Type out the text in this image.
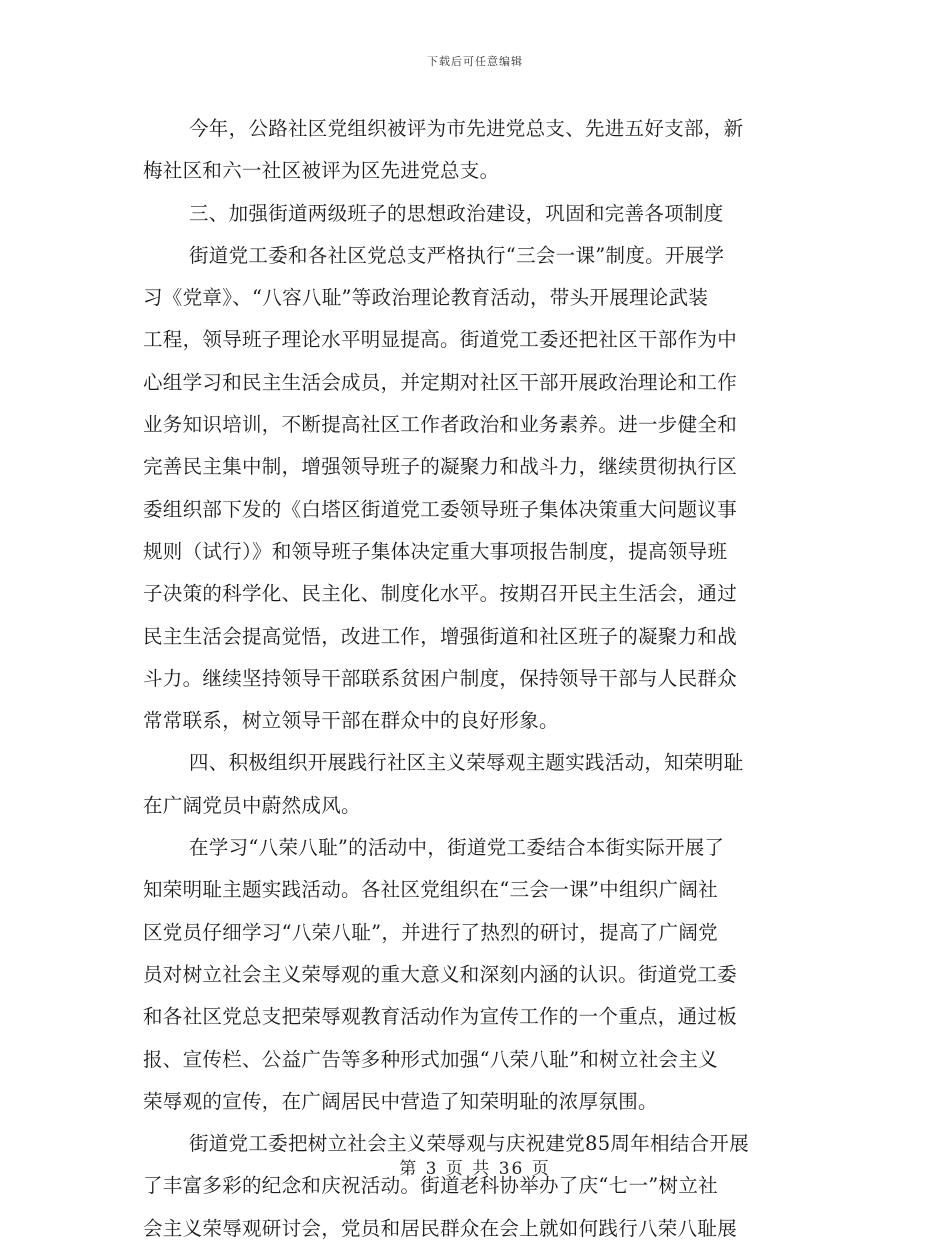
下载后可任意编辑
今年，公路社区党组织被评为市先进党总支、先进五好支部，新
梅社区和六一社区被评为区先进党总支。
三、加强街道两级班子的思想政治建设，巩固和完善各项制度
街道党工委和各社区党总支严格执行“三会一课”制度。开展学
习《党章》、“八容八耻”等政治理论教育活动，带头开展理论武装
工程，领导班子理论水平明显提高。街道党工委还把社区干部作为中
心组学习和民主生活会成员，并定期对社区干部开展政治理论和工作
业务知识培训，不断提高社区工作者政治和业务素养。进一步健全和
完善民主集中制，增强领导班子的凝聚力和战斗力，继续贯彻执行区
委组织部下发的《白塔区街道党工委领导班子集体决策重大问题议事
规则（试行）》和领导班子集体决定重大事项报告制度，提高领导班
子决策的科学化、民主化、制度化水平。按期召开民主生活会，通过
民主生活会提高觉悟，改进工作，增强街道和社区班子的凝聚力和战
斗力。继续坚持领导干部联系贫困户制度，保持领导干部与人民群众
常常联系，树立领导干部在群众中的良好形象。
四、积极组织开展践行社区主义荣辱观主题实践活动，知荣明耻
在广阔党员中蔚然成风。
在学习“八荣八耻”的活动中，街道党工委结合本街实际开展了
知荣明耻主题实践活动。各社区党组织在“三会一课”中组织广阔社
区党员仔细学习“八荣八耻”，并进行了热烈的研讨，提高了广阔党
员对树立社会主义荣辱观的重大意义和深刻内涵的认识。街道党工委
和各社区党总支把荣辱观教育活动作为宣传工作的一个重点，通过板
报、宣传栏、公益广告等多种形式加强“八荣八耻”和树立社会主义
荣辱观的宣传，在广阔居民中营造了知荣明耻的浓厚氛围。
街道党工委把树立社会主义荣辱观与庆祝建党85周年相结合开展
了丰富多彩的纪念和庆祝活动。街道老科协举办了庆“七一”树立社
会主义荣辱观研讨会，党员和居民群众在会上就如何践行八荣八耻展
第 3 页 共 36 页
